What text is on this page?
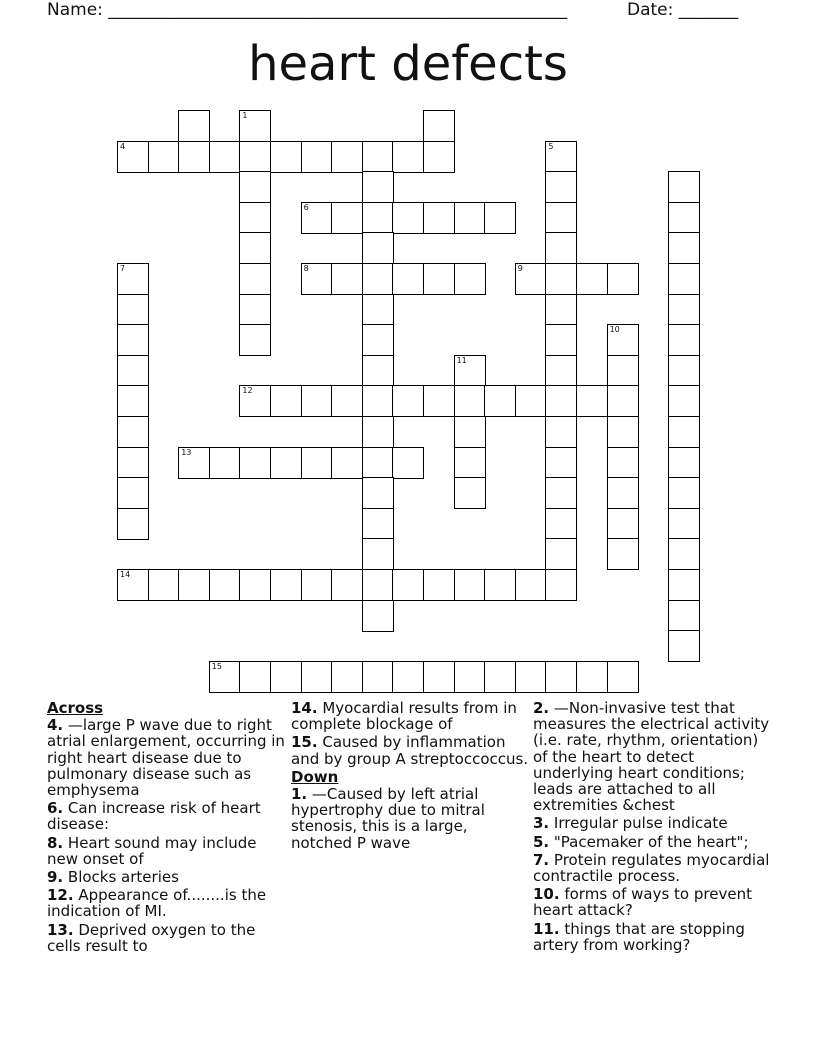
Name: ______________________________________________________	Date: _______
heart defects
1
4	5
6
7	8	9
10
11
12
13
14
15
Across
4. —large P wave due to right atrial enlargement, occurring in right heart disease due to pulmonary disease such as emphysema
6. Can increase risk of heart disease:
8. Heart sound may include new onset of
9. Blocks arteries
12. Appearance of........is the indication of MI.
13. Deprived oxygen to the cells result to
14. Myocardial results from in complete blockage of
15. Caused by inflammation and by group A streptoccoccus.
Down
1. —Caused by left atrial hypertrophy due to mitral stenosis, this is a large, notched P wave
2. —Non-invasive test that measures the electrical activity (i.e. rate, rhythm, orientation) of the heart to detect underlying heart conditions; leads are attached to all extremities &chest
3. Irregular pulse indicate
5. "Pacemaker of the heart";
7. Protein regulates myocardial contractile process.
10. forms of ways to prevent heart attack?
11. things that are stopping artery from working?
